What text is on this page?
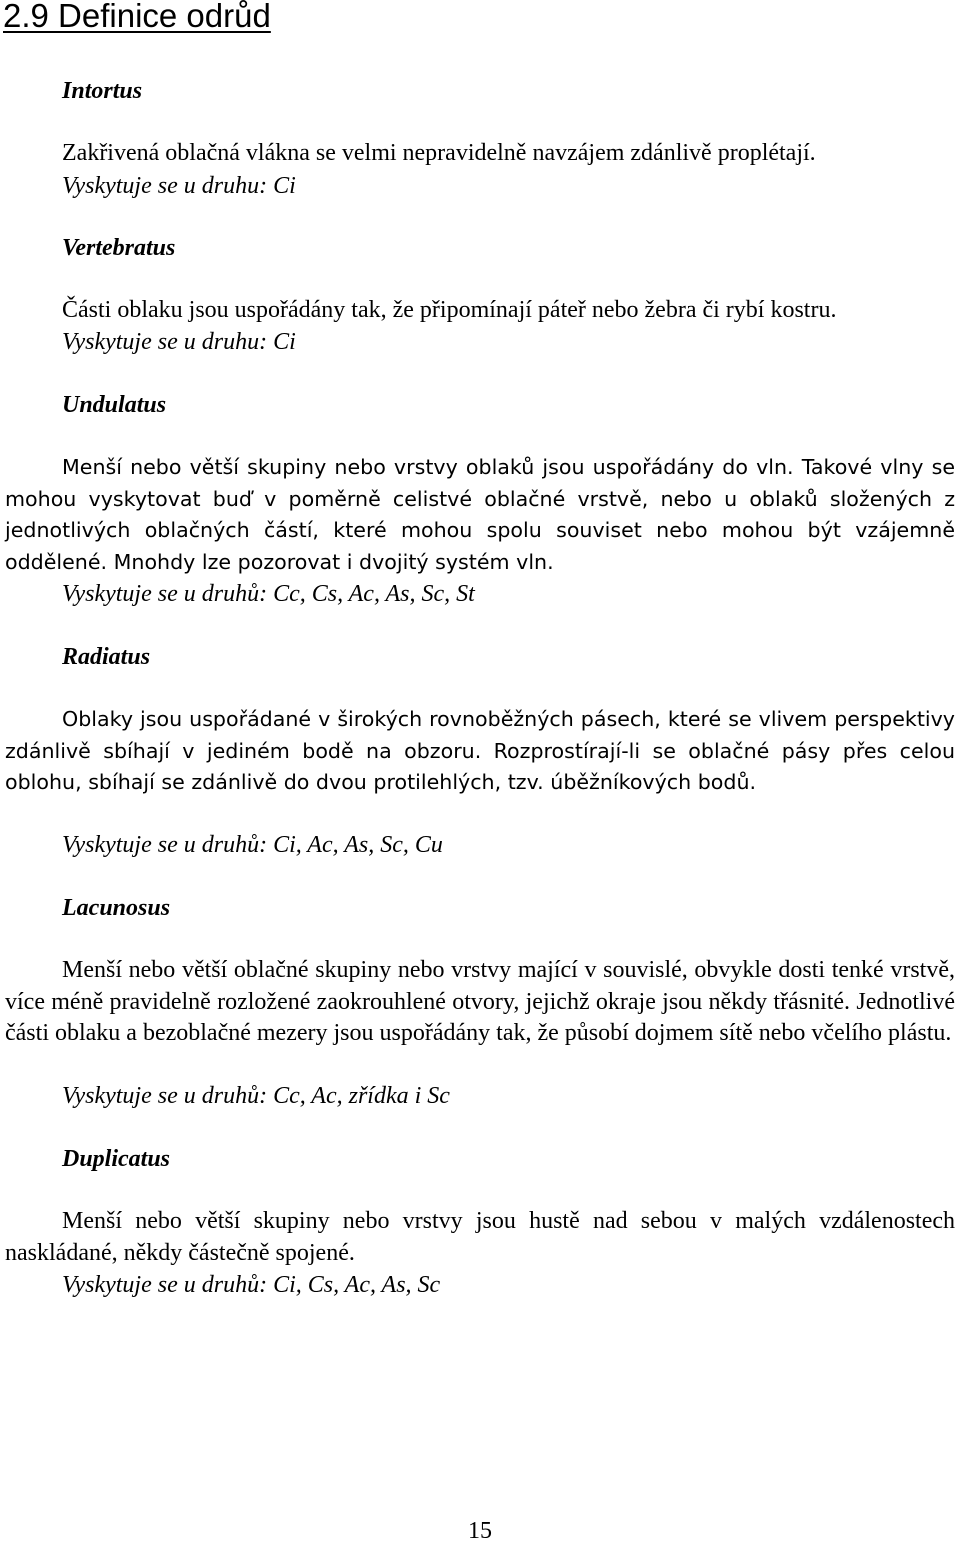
2.9 Definice odrůd
Intortus

Zakřivená oblačná vlákna se velmi nepravidelně navzájem zdánlivě proplétají.

Vyskytuje se u druhu: Ci
Vertebratus

Části oblaku jsou uspořádány tak, že připomínají páteř nebo žebra či rybí kostru.

Vyskytuje se u druhu: Ci
Undulatus

Menší nebo větší skupiny nebo vrstvy oblaků jsou uspořádány do vln. Takové vlny se mohou vyskytovat buď v poměrně celistvé oblačné vrstvě, nebo u oblaků složených z jednotlivých oblačných částí, které mohou spolu souviset nebo mohou být vzájemně oddělené. Mnohdy lze pozorovat i dvojitý systém vln.

Vyskytuje se u druhů: Cc, Cs, Ac, As, Sc, St
Radiatus

Oblaky jsou uspořádané v širokých rovnoběžných pásech, které se vlivem perspektivy zdánlivě sbíhají v jediném bodě na obzoru. Rozprostírají-li se oblačné pásy přes celou oblohu, sbíhají se zdánlivě do dvou protilehlých, tzv. úběžníkových bodů.

Vyskytuje se u druhů: Ci, Ac, As, Sc, Cu
Lacunosus

Menší nebo větší oblačné skupiny nebo vrstvy mající v souvislé, obvykle dosti tenké vrstvě, více méně pravidelně rozložené zaokrouhlené otvory, jejichž okraje jsou někdy třásnité. Jednotlivé části oblaku a bezoblačné mezery jsou uspořádány tak, že působí dojmem sítě nebo včelího plástu.

Vyskytuje se u druhů: Cc, Ac, zřídka i Sc
Duplicatus

Menší nebo větší skupiny nebo vrstvy jsou hustě nad sebou v malých vzdálenostech naskládané, někdy částečně spojené.

Vyskytuje se u druhů: Ci, Cs, Ac, As, Sc
15
